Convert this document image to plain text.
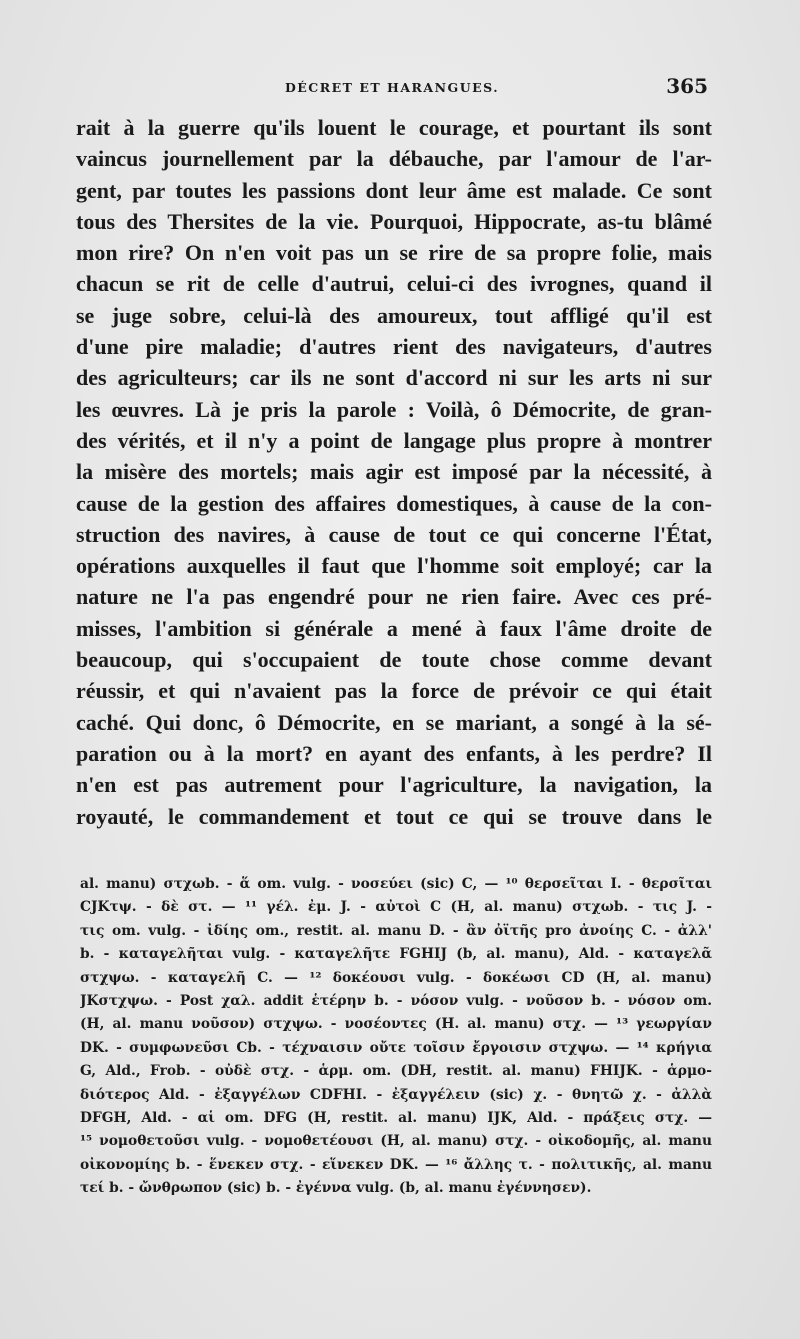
DÉCRET ET HARANGUES.	365
rait à la guerre qu'ils louent le courage, et pourtant ils sont
vaincus journellement par la débauche, par l'amour de l'ar-
gent, par toutes les passions dont leur âme est malade. Ce sont
tous des Thersites de la vie. Pourquoi, Hippocrate, as-tu blâmé
mon rire? On n'en voit pas un se rire de sa propre folie, mais
chacun se rit de celle d'autrui, celui-ci des ivrognes, quand il
se juge sobre, celui-là des amoureux, tout affligé qu'il est
d'une pire maladie; d'autres rient des navigateurs, d'autres
des agriculteurs; car ils ne sont d'accord ni sur les arts ni sur
les œuvres. Là je pris la parole : Voilà, ô Démocrite, de gran-
des vérités, et il n'y a point de langage plus propre à montrer
la misère des mortels; mais agir est imposé par la nécessité, à
cause de la gestion des affaires domestiques, à cause de la con-
struction des navires, à cause de tout ce qui concerne l'État,
opérations auxquelles il faut que l'homme soit employé; car la
nature ne l'a pas engendré pour ne rien faire. Avec ces pré-
misses, l'ambition si générale a mené à faux l'âme droite de
beaucoup, qui s'occupaient de toute chose comme devant
réussir, et qui n'avaient pas la force de prévoir ce qui était
caché. Qui donc, ô Démocrite, en se mariant, a songé à la sé-
paration ou à la mort? en ayant des enfants, à les perdre? Il
n'en est pas autrement pour l'agriculture, la navigation, la
royauté, le commandement et tout ce qui se trouve dans le
al. manu) στχωb. - ἅ om. vulg. - νοσεύει (sic) C, — ¹⁰ θερσεῖται I. - θερσῖται
CJKτψ. - δὲ στ. — ¹¹ γέλ. ἐμ. J. - αὐτοὶ C (H, al. manu) στχωb. - τις J. -
τις om. vulg. - ἰδίης om., restit. al. manu D. - ἂν ὀϊτῆς pro ἀνοίης C. - ἀλλ'
b. - καταγελῆται vulg. - καταγελῆτε FGHIJ (b, al. manu), Ald. - καταγελᾶ
στχψω. - καταγελῆ C. — ¹² δοκέουσι vulg. - δοκέωσι CD (H, al. manu)
JKστχψω. - Post χαλ. addit ἑτέρην b. - νόσον vulg. - νοῦσον b. - νόσον om.
(H, al. manu νοῦσον) στχψω. - νοσέοντες (H. al. manu) στχ. — ¹³ γεωργίαν
DK. - συμφωνεῦσι Cb. - τέχναισιν οὔτε τοῖσιν ἔργοισιν στχψω. — ¹⁴ κρήγια
G, Ald., Frob. - οὐδὲ στχ. - ἁρμ. om. (DH, restit. al. manu) FHIJK. - ἁρμο-
διότερος Ald. - ἐξαγγέλων CDFHI. - ἐξαγγέλειν (sic) χ. - θνητῶ χ. - ἀλλὰ
DFGH, Ald. - αἱ om. DFG (H, restit. al. manu) IJK, Ald. - πράξεις στχ. —
¹⁵ νομοθετοῦσι vulg. - νομοθετέουσι (H, al. manu) στχ. - οἰκοδομῆς, al. manu
οἰκονομίης b. - ἕνεκεν στχ. - εἵνεκεν DK. — ¹⁶ ἄλλης τ. - πολιτικῆς, al. manu
τεί b. - ὤνθρωπον (sic) b. - ἐγέννα vulg. (b, al. manu ἐγέννησεν).
